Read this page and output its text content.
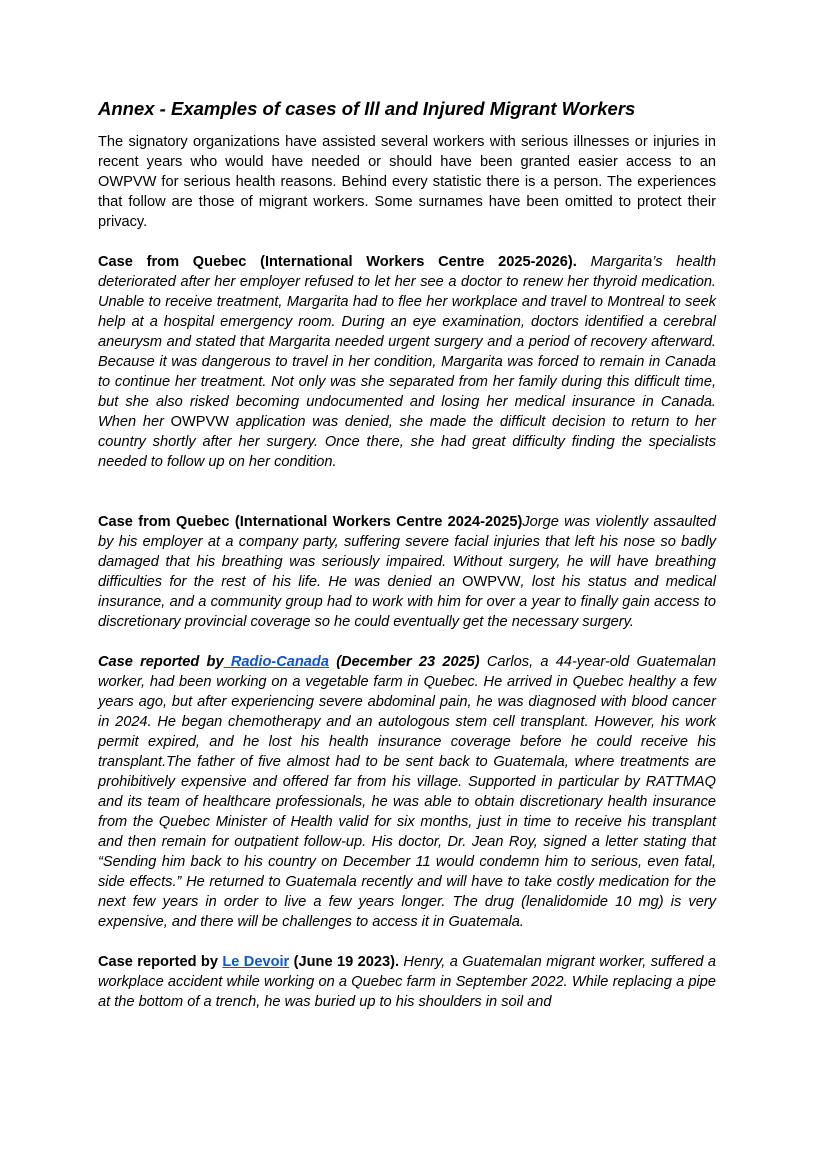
Annex - Examples of cases of Ill and Injured Migrant Workers

The signatory organizations have assisted several workers with serious illnesses or injuries in recent years who would have needed or should have been granted easier access to an OWPVW for serious health reasons. Behind every statistic there is a person. The experiences that follow are those of migrant workers. Some surnames have been omitted to protect their privacy.

Case from Quebec (International Workers Centre 2025-2026). Margarita’s health deteriorated after her employer refused to let her see a doctor to renew her thyroid medication. Unable to receive treatment, Margarita had to flee her workplace and travel to Montreal to seek help at a hospital emergency room. During an eye examination, doctors identified a cerebral aneurysm and stated that Margarita needed urgent surgery and a period of recovery afterward. Because it was dangerous to travel in her condition, Margarita was forced to remain in Canada to continue her treatment. Not only was she separated from her family during this difficult time, but she also risked becoming undocumented and losing her medical insurance in Canada. When her OWPVW application was denied, she made the difficult decision to return to her country shortly after her surgery. Once there, she had great difficulty finding the specialists needed to follow up on her condition.

Case from Quebec (International Workers Centre 2024-2025)Jorge was violently assaulted by his employer at a company party, suffering severe facial injuries that left his nose so badly damaged that his breathing was seriously impaired. Without surgery, he will have breathing difficulties for the rest of his life. He was denied an OWPVW, lost his status and medical insurance, and a community group had to work with him for over a year to finally gain access to discretionary provincial coverage so he could eventually get the necessary surgery.

Case reported by Radio-Canada (December 23 2025) Carlos, a 44-year-old Guatemalan worker, had been working on a vegetable farm in Quebec. He arrived in Quebec healthy a few years ago, but after experiencing severe abdominal pain, he was diagnosed with blood cancer in 2024. He began chemotherapy and an autologous stem cell transplant. However, his work permit expired, and he lost his health insurance coverage before he could receive his transplant.The father of five almost had to be sent back to Guatemala, where treatments are prohibitively expensive and offered far from his village. Supported in particular by RATTMAQ and its team of healthcare professionals, he was able to obtain discretionary health insurance from the Quebec Minister of Health valid for six months, just in time to receive his transplant and then remain for outpatient follow-up. His doctor, Dr. Jean Roy, signed a letter stating that “Sending him back to his country on December 11 would condemn him to serious, even fatal, side effects.” He returned to Guatemala recently and will have to take costly medication for the next few years in order to live a few years longer. The drug (lenalidomide 10 mg) is very expensive, and there will be challenges to access it in Guatemala.

Case reported by Le Devoir (June 19 2023). Henry, a Guatemalan migrant worker, suffered a workplace accident while working on a Quebec farm in September 2022. While replacing a pipe at the bottom of a trench, he was buried up to his shoulders in soil and
